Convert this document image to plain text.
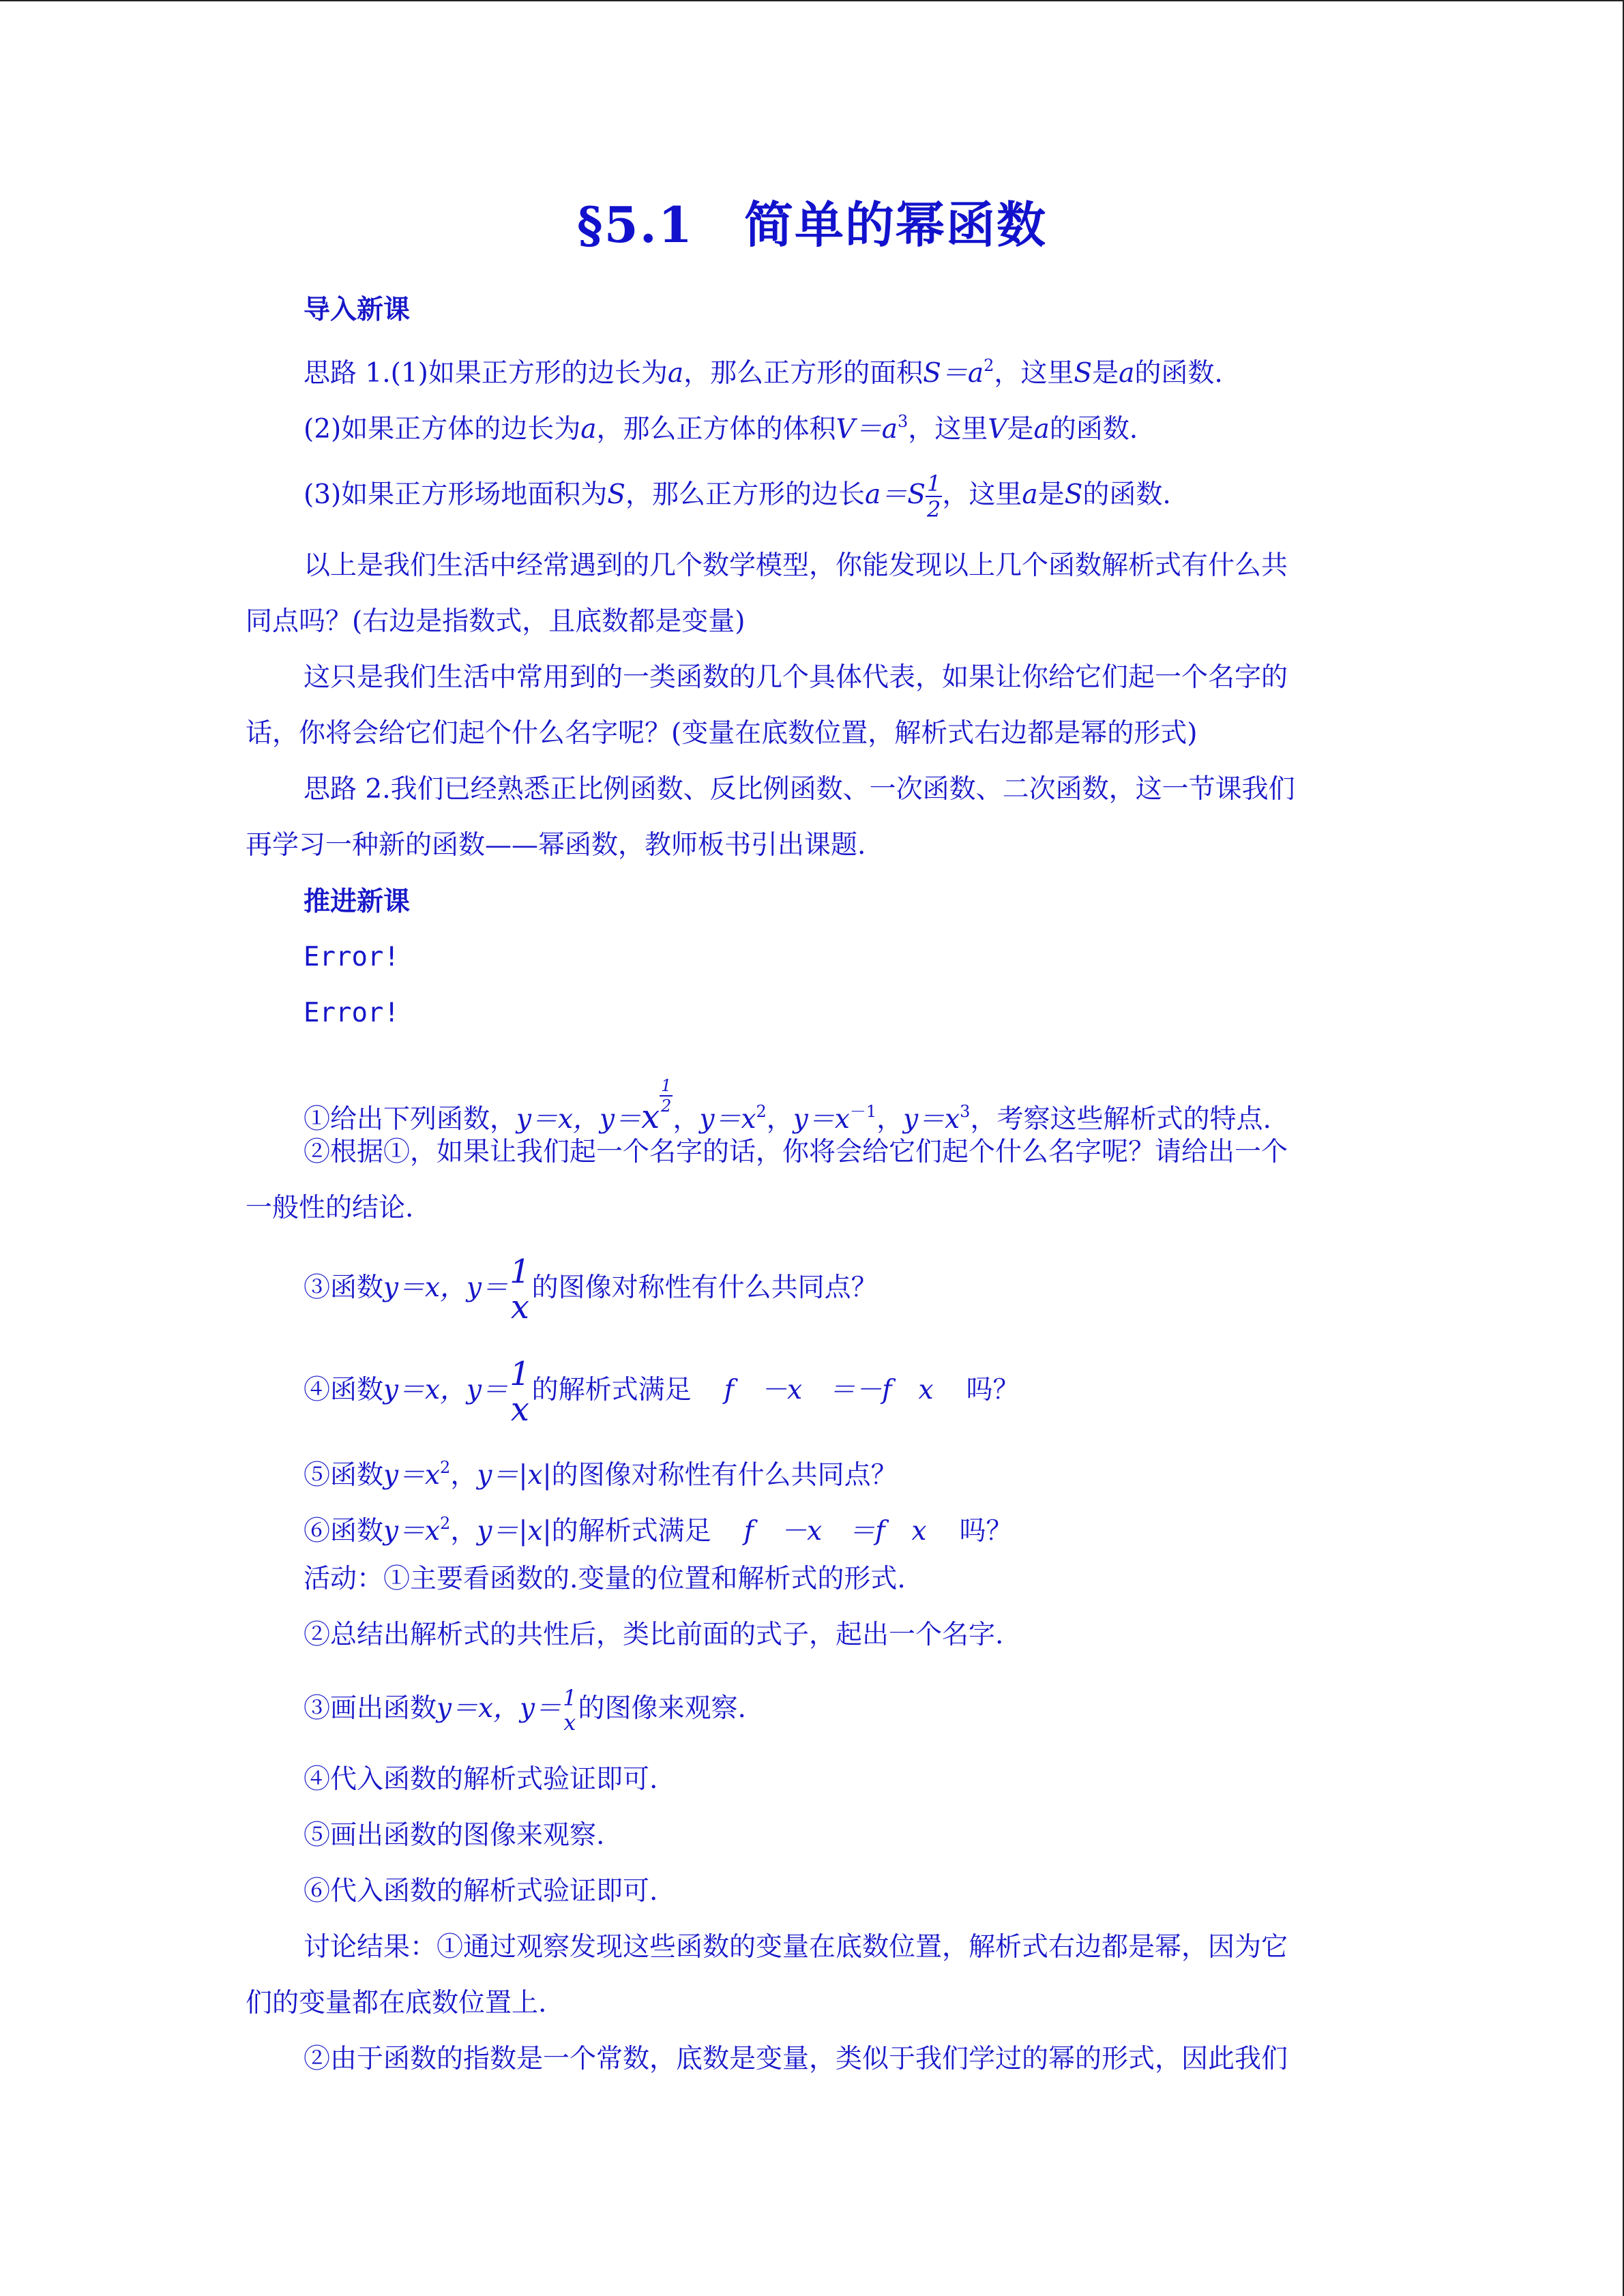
§5.1　简单的幂函数
导入新课
思路 1.(1)如果正方形的边长为a，那么正方形的面积$S=a^2$，这里S是a的函数.
(2)如果正方体的边长为a，那么正方体的体积$V=a^3$，这里V是a的函数.
(3)如果正方形场地面积为S，那么正方形的边长$a=S \frac{1}{2}$ ，这里a是S的函数.
以上是我们生活中经常遇到的几个数学模型，你能发现以上几个函数解析式有什么共
同点吗？(右边是指数式，且底数都是变量)
这只是我们生活中常用到的一类函数的几个具体代表，如果让你给它们起一个名字的
话，你将会给它们起个什么名字呢？(变量在底数位置，解析式右边都是幂的形式)
思路 2.我们已经熟悉正比例函数、反比例函数、一次函数、二次函数，这一节课我们
再学习一种新的函数——幂函数，教师板书引出课题.
推进新课
Error!
Error!
①给出下列函数，y＝x，y＝x
$\frac{1}{2}$
，$y=x^2$，$y=x^{-1}$，$y=x^3$，考察这些解析式的特点.
②根据①，如果让我们起一个名字的话，你将会给它们起个什么名字呢？请给出一个
一般性的结论.
③函数y＝x，y＝ 1
x
的图像对称性有什么共同点？
④函数y＝x，y＝ 1
x
的解析式满足 f　－x　＝－f　x 吗？
⑤函数$y=x^2$，y＝|x|的图像对称性有什么共同点？
⑥函数$y=x^2$，y＝|x|的解析式满足 f　－x　＝f　x 吗？
活动：①主要看函数的.变量的位置和解析式的形式.
②总结出解析式的共性后，类比前面的式子，起出一个名字.
③画出函数y＝x，y＝ 1
x 的图像来观察.
④代入函数的解析式验证即可.
⑤画出函数的图像来观察.
⑥代入函数的解析式验证即可.
讨论结果：①通过观察发现这些函数的变量在底数位置，解析式右边都是幂，因为它
们的变量都在底数位置上.
②由于函数的指数是一个常数，底数是变量，类似于我们学过的幂的形式，因此我们
